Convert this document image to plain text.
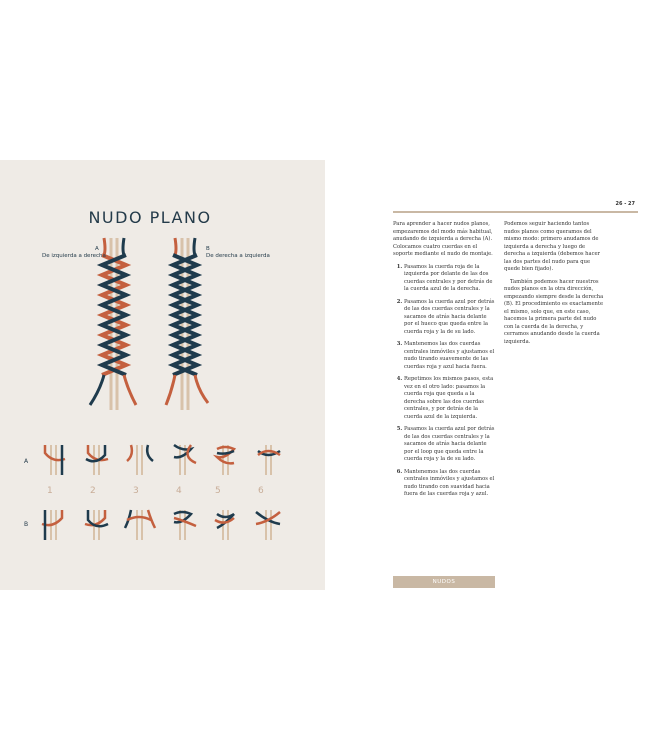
NUDO PLANO
A
De izquierda a derecha
B
De derecha a izquierda
A
B
1	2	3	4	5	6
26 - 27

Para aprender a hacer nudos planos, empezaremos del modo más habitual, anudando de izquierda a derecha (A). Colocamos cuatro cuerdas en el soporte mediante el nudo de montaje.

1. Pasamos la cuerda roja de la izquierda por delante de las dos cuerdas centrales y por detrás de la cuerda azul de la derecha.
2. Pasamos la cuerda azul por detrás de las dos cuerdas centrales y la sacamos de atrás hacia delante por el hueco que queda entre la cuerda roja y la de su lado.
3. Mantenemos las dos cuerdas centrales inmóviles y ajustamos el nudo tirando suavemente de las cuerdas roja y azul hacia fuera.
4. Repetimos los mismos pasos, esta vez en el otro lado: pasamos la cuerda roja que queda a la derecha sobre las dos cuerdas centrales, y por detrás de la cuerda azul de la izquierda.
5. Pasamos la cuerda azul por detrás de las dos cuerdas centrales y la sacamos de atrás hacia delante por el loop que queda entre la cuerda roja y la de su lado.
6. Mantenemos las dos cuerdas centrales inmóviles y ajustamos el nudo tirando con suavidad hacia fuera de las cuerdas roja y azul.

Podemos seguir haciendo tantos nudos planos como queramos del mismo modo: primero anudamos de izquierda a derecha y luego de derecha a izquierda (debemos hacer las dos partes del nudo para que quede bien fijado).

También podemos hacer nuestros nudos planos en la otra dirección, empezando siempre desde la derecha (B). El procedimiento es exactamente el mismo, solo que, en este caso, hacemos la primera parte del nudo con la cuerda de la derecha, y cerramos anudando desde la cuerda izquierda.

NUDOS
